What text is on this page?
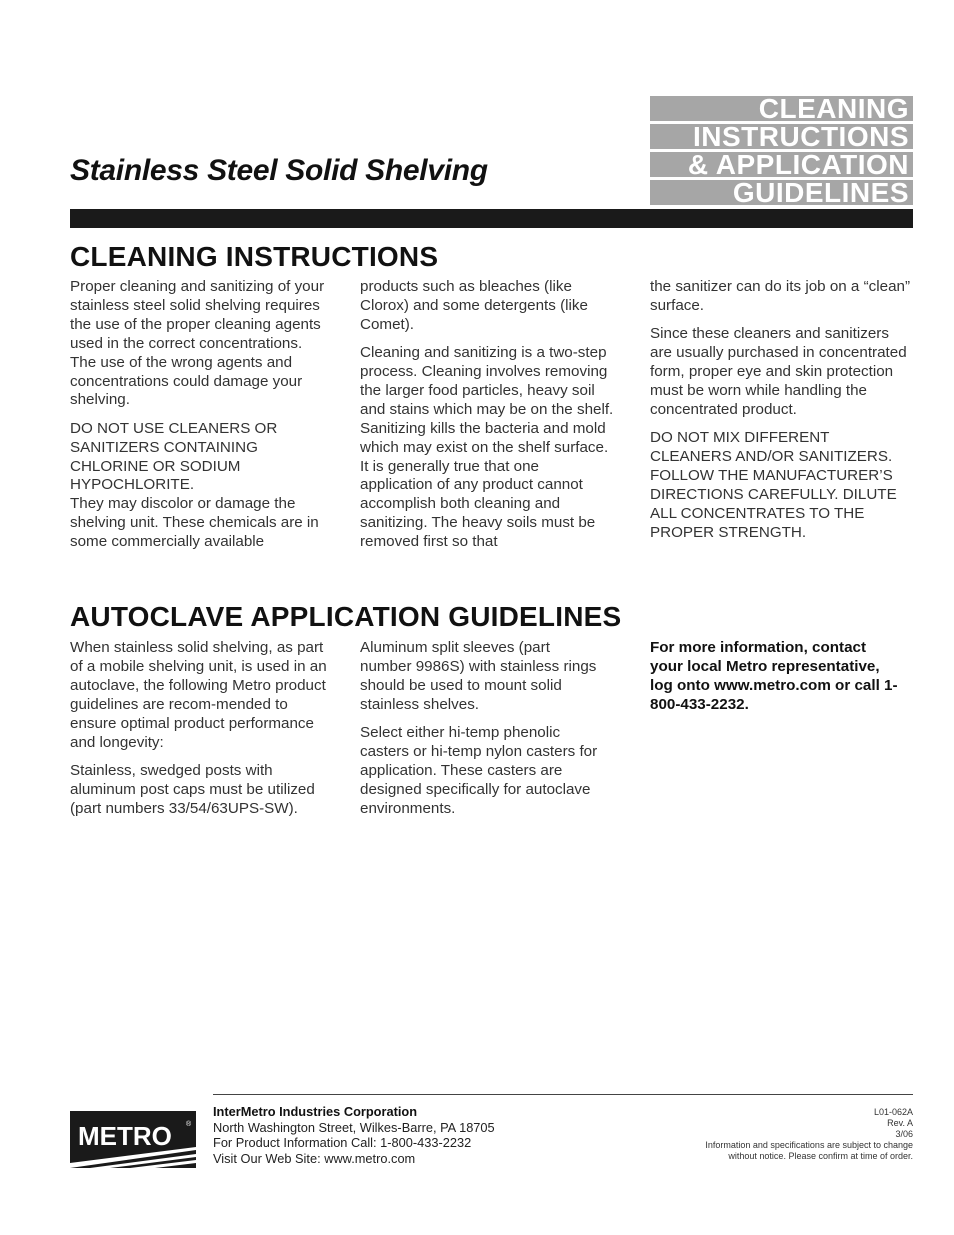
Stainless Steel Solid Shelving
CLEANING
INSTRUCTIONS
& APPLICATION
GUIDELINES
CLEANING INSTRUCTIONS

Proper cleaning and sanitizing of your stainless steel solid shelving requires the use of the proper cleaning agents used in the correct concentrations. The use of the wrong agents and concentrations could damage your shelving.

DO NOT USE CLEANERS OR SANITIZERS CONTAINING CHLORINE OR SODIUM HYPOCHLORITE.

They may discolor or damage the shelving unit. These chemicals are in some commercially available

products such as bleaches (like Clorox) and some detergents (like Comet).

Cleaning and sanitizing is a two-step process. Cleaning involves removing the larger food particles, heavy soil and stains which may be on the shelf. Sanitizing kills the bacteria and mold which may exist on the shelf surface. It is generally true that one application of any product cannot accomplish both cleaning and sanitizing. The heavy soils must be removed first so that

the sanitizer can do its job on a “clean” surface.

Since these cleaners and sanitizers are usually purchased in concentrated form, proper eye and skin protection must be worn while handling the concentrated product.

DO NOT MIX DIFFERENT CLEANERS AND/OR SANITIZERS. FOLLOW THE MANUFACTURER’S DIRECTIONS CAREFULLY. DILUTE ALL CONCENTRATES TO THE PROPER STRENGTH.

AUTOCLAVE APPLICATION GUIDELINES

When stainless solid shelving, as part of a mobile shelving unit, is used in an autoclave, the following Metro product guidelines are recom-mended to ensure optimal product performance and longevity:

Stainless, swedged posts with aluminum post caps must be utilized (part numbers 33/54/63UPS-SW).

Aluminum split sleeves (part number 9986S) with stainless rings should be used to mount solid stainless shelves.

Select either hi-temp phenolic casters or hi-temp nylon casters for application. These casters are designed specifically for autoclave environments.

For more information, contact your local Metro representative, log onto www.metro.com or call 1-800-433-2232.

METRO ®
InterMetro Industries Corporation
North Washington Street, Wilkes-Barre, PA 18705
For Product Information Call: 1-800-433-2232
Visit Our Web Site: www.metro.com
L01-062A
Rev. A
3/06
Information and specifications are subject to change
without notice. Please confirm at time of order.
